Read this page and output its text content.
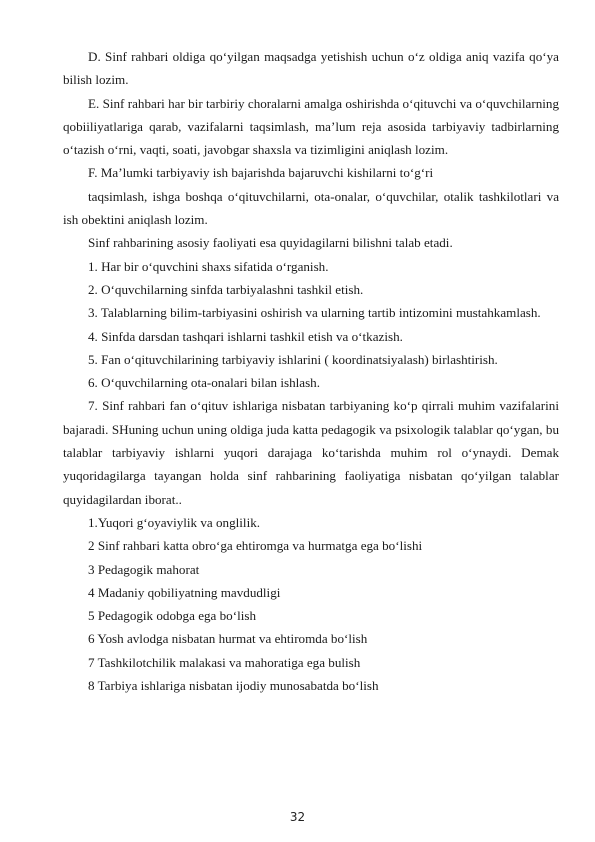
D. Sinf rahbari oldiga qo‘yilgan maqsadga yetishish uchun o‘z oldiga aniq vazifa qo‘ya bilish lozim.

E. Sinf rahbari har bir tarbiriy choralarni amalga oshirishda o‘qituvchi va o‘quvchilarning qobiiliyatlariga qarab, vazifalarni taqsimlash, ma’lum reja asosida tarbiyaviy tadbirlarning o‘tazish o‘rni, vaqti, soati, javobgar shaxsla va tizimligini aniqlash lozim.

F. Ma’lumki tarbiyaviy ish bajarishda bajaruvchi kishilarni to‘g‘ri

taqsimlash, ishga boshqa o‘qituvchilarni, ota-onalar, o‘quvchilar, otalik tashkilotlari va ish obektini aniqlash lozim.

Sinf rahbarining asosiy faoliyati esa quyidagilarni bilishni talab etadi.

1. Har bir o‘quvchini shaxs sifatida o‘rganish.

2. O‘quvchilarning sinfda tarbiyalashni tashkil etish.

3. Talablarning bilim-tarbiyasini oshirish va ularning tartib intizomini mustahkamlash.

4. Sinfda darsdan tashqari ishlarni tashkil etish va o‘tkazish.

5. Fan o‘qituvchilarining tarbiyaviy ishlarini ( koordinatsiyalash) birlashtirish.

6. O‘quvchilarning ota-onalari bilan ishlash.

7. Sinf rahbari fan o‘qituv ishlariga nisbatan tarbiyaning ko‘p qirrali muhim vazifalarini bajaradi. SHuning uchun uning oldiga juda katta pedagogik va psixologik talablar qo‘ygan, bu talablar tarbiyaviy ishlarni yuqori darajaga ko‘tarishda muhim rol o‘ynaydi. Demak yuqoridagilarga tayangan holda sinf rahbarining faoliyatiga nisbatan qo‘yilgan talablar quyidagilardan iborat..

1.Yuqori g‘oyaviylik va onglilik.

2 Sinf rahbari katta obro‘ga ehtiromga va hurmatga ega bo‘lishi

3 Pedagogik mahorat

4 Madaniy qobiliyatning mavdudligi

5 Pedagogik odobga ega bo‘lish

6 Yosh avlodga nisbatan hurmat va ehtiromda bo‘lish

7 Tashkilotchilik malakasi va mahoratiga ega bulish

8 Tarbiya ishlariga nisbatan ijodiy munosabatda bo‘lish

32
